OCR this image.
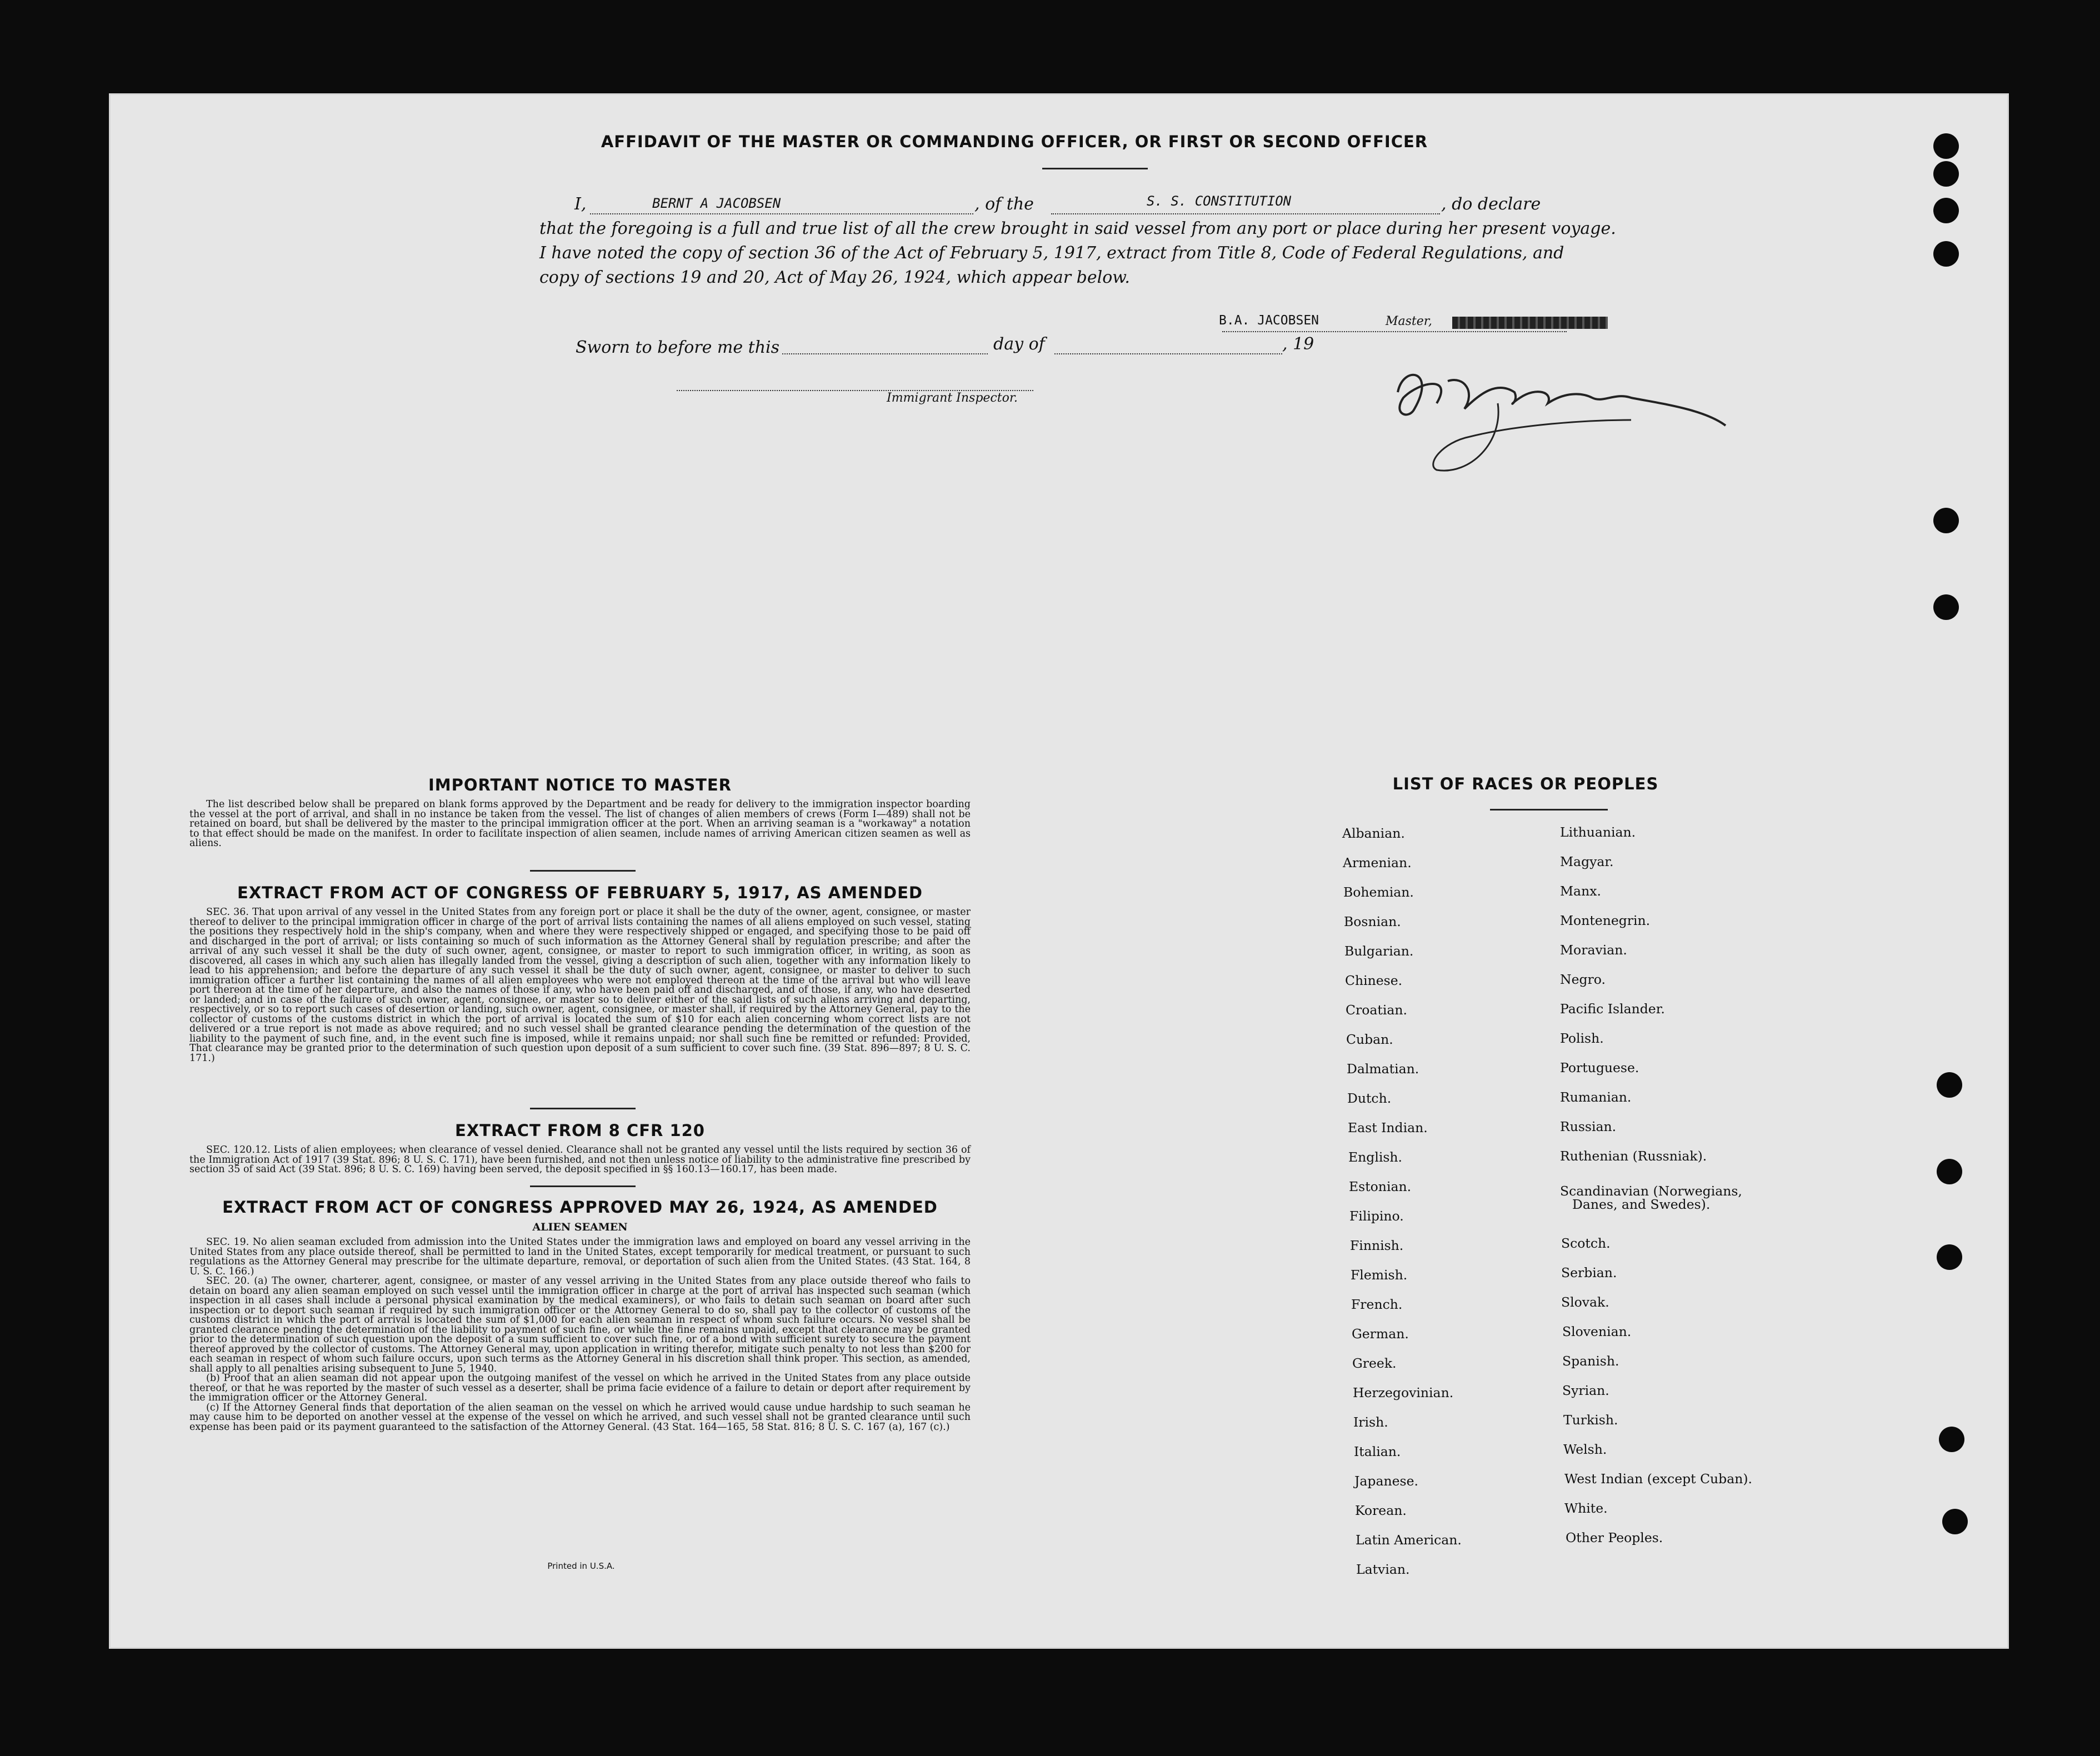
AFFIDAVIT OF THE MASTER OR COMMANDING OFFICER, OR FIRST OR SECOND OFFICER
I,	BERNT A JACOBSEN	, of the	S. S. CONSTITUTION	, do declare
that the foregoing is a full and true list of all the crew brought in said vessel from any port or place during her present voyage.
I have noted the copy of section 36 of the Act of February 5, 1917, extract from Title 8, Code of Federal Regulations, and
copy of sections 19 and 20, Act of May 26, 1924, which appear below.
B.A. JACOBSEN	Master,
Sworn to before me this	day of	, 19
Immigrant Inspector.
IMPORTANT NOTICE TO MASTER

The list described below shall be prepared on blank forms approved by the Department and be ready for delivery to the immigration inspector boarding the vessel at the port of arrival, and shall in no instance be taken from the vessel. The list of changes of alien members of crews (Form I—489) shall not be retained on board, but shall be delivered by the master to the principal immigration officer at the port. When an arriving seaman is a "workaway" a notation to that effect should be made on the manifest. In order to facilitate inspection of alien seamen, include names of arriving American citizen seamen as well as aliens.

EXTRACT FROM ACT OF CONGRESS OF FEBRUARY 5, 1917, AS AMENDED

SEC. 36. That upon arrival of any vessel in the United States from any foreign port or place it shall be the duty of the owner, agent, consignee, or master thereof to deliver to the principal immigration officer in charge of the port of arrival lists containing the names of all aliens employed on such vessel, stating the positions they respectively hold in the ship's company, when and where they were respectively shipped or engaged, and specifying those to be paid off and discharged in the port of arrival; or lists containing so much of such information as the Attorney General shall by regulation prescribe; and after the arrival of any such vessel it shall be the duty of such owner, agent, consignee, or master to report to such immigration officer, in writing, as soon as discovered, all cases in which any such alien has illegally landed from the vessel, giving a description of such alien, together with any information likely to lead to his apprehension; and before the departure of any such vessel it shall be the duty of such owner, agent, consignee, or master to deliver to such immigration officer a further list containing the names of all alien employees who were not employed thereon at the time of the arrival but who will leave port thereon at the time of her departure, and also the names of those if any, who have been paid off and discharged, and of those, if any, who have deserted or landed; and in case of the failure of such owner, agent, consignee, or master so to deliver either of the said lists of such aliens arriving and departing, respectively, or so to report such cases of desertion or landing, such owner, agent, consignee, or master shall, if required by the Attorney General, pay to the collector of customs of the customs district in which the port of arrival is located the sum of $10 for each alien concerning whom correct lists are not delivered or a true report is not made as above required; and no such vessel shall be granted clearance pending the determination of the question of the liability to the payment of such fine, and, in the event such fine is imposed, while it remains unpaid; nor shall such fine be remitted or refunded: Provided, That clearance may be granted prior to the determination of such question upon deposit of a sum sufficient to cover such fine. (39 Stat. 896—897; 8 U. S. C. 171.)

EXTRACT FROM 8 CFR 120

SEC. 120.12. Lists of alien employees; when clearance of vessel denied. Clearance shall not be granted any vessel until the lists required by section 36 of the Immigration Act of 1917 (39 Stat. 896; 8 U. S. C. 171), have been furnished, and not then unless notice of liability to the administrative fine prescribed by section 35 of said Act (39 Stat. 896; 8 U. S. C. 169) having been served, the deposit specified in §§ 160.13—160.17, has been made.

EXTRACT FROM ACT OF CONGRESS APPROVED MAY 26, 1924, AS AMENDED
ALIEN SEAMEN

SEC. 19. No alien seaman excluded from admission into the United States under the immigration laws and employed on board any vessel arriving in the United States from any place outside thereof, shall be permitted to land in the United States, except temporarily for medical treatment, or pursuant to such regulations as the Attorney General may prescribe for the ultimate departure, removal, or deportation of such alien from the United States. (43 Stat. 164, 8 U. S. C. 166.)

SEC. 20. (a) The owner, charterer, agent, consignee, or master of any vessel arriving in the United States from any place outside thereof who fails to detain on board any alien seaman employed on such vessel until the immigration officer in charge at the port of arrival has inspected such seaman (which inspection in all cases shall include a personal physical examination by the medical examiners), or who fails to detain such seaman on board after such inspection or to deport such seaman if required by such immigration officer or the Attorney General to do so, shall pay to the collector of customs of the customs district in which the port of arrival is located the sum of $1,000 for each alien seaman in respect of whom such failure occurs. No vessel shall be granted clearance pending the determination of the liability to payment of such fine, or while the fine remains unpaid, except that clearance may be granted prior to the determination of such question upon the deposit of a sum sufficient to cover such fine, or of a bond with sufficient surety to secure the payment thereof approved by the collector of customs. The Attorney General may, upon application in writing therefor, mitigate such penalty to not less than $200 for each seaman in respect of whom such failure occurs, upon such terms as the Attorney General in his discretion shall think proper. This section, as amended, shall apply to all penalties arising subsequent to June 5, 1940.

(b) Proof that an alien seaman did not appear upon the outgoing manifest of the vessel on which he arrived in the United States from any place outside thereof, or that he was reported by the master of such vessel as a deserter, shall be prima facie evidence of a failure to detain or deport after requirement by the immigration officer or the Attorney General.

(c) If the Attorney General finds that deportation of the alien seaman on the vessel on which he arrived would cause undue hardship to such seaman he may cause him to be deported on another vessel at the expense of the vessel on which he arrived, and such vessel shall not be granted clearance until such expense has been paid or its payment guaranteed to the satisfaction of the Attorney General. (43 Stat. 164—165, 58 Stat. 816; 8 U. S. C. 167 (a), 167 (c).)

Printed in U.S.A.
LIST OF RACES OR PEOPLES
Albanian.
Armenian.
Bohemian.
Bosnian.
Bulgarian.
Chinese.
Croatian.
Cuban.
Dalmatian.
Dutch.
East Indian.
English.
Estonian.
Filipino.
Finnish.
Flemish.
French.
German.
Greek.
Herzegovinian.
Irish.
Italian.
Japanese.
Korean.
Latin American.
Latvian.
Lithuanian.
Magyar.
Manx.
Montenegrin.
Moravian.
Negro.
Pacific Islander.
Polish.
Portuguese.
Rumanian.
Russian.
Ruthenian (Russniak).
Scandinavian (Norwegians,
Danes, and Swedes).
Scotch.
Serbian.
Slovak.
Slovenian.
Spanish.
Syrian.
Turkish.
Welsh.
West Indian (except Cuban).
White.
Other Peoples.
